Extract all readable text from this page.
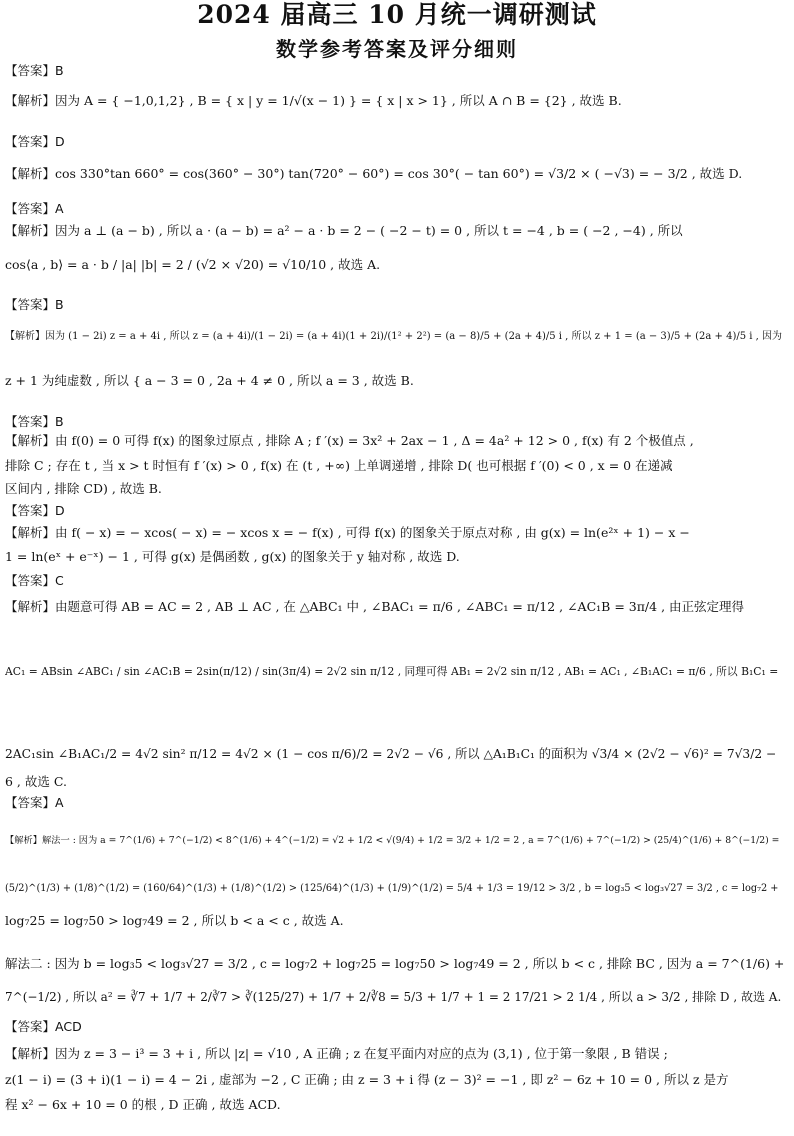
2024 届高三 10 月统一调研测试
数学参考答案及评分细则
【答案】B
【解析】因为 A = { −1,0,1,2} , B = { x | y = 1/√(x − 1) } = { x | x > 1} , 所以 A ∩ B = {2} , 故选 B.
【答案】D
【解析】cos 330°tan 660° = cos(360° − 30°) tan(720° − 60°) = cos 30°( − tan 60°) = √3/2 × ( −√3) = − 3/2 , 故选 D.
【答案】A
【解析】因为 a ⊥ (a − b) , 所以 a · (a − b) = a² − a · b = 2 − ( −2 − t) = 0 , 所以 t = −4 , b = ( −2 , −4) , 所以
cos⟨a , b⟩ = a · b / |a| |b| = 2 / (√2 × √20) = √10/10 , 故选 A.
【答案】B
【解析】因为 (1 − 2i) z = a + 4i , 所以 z = (a + 4i)/(1 − 2i) = (a + 4i)(1 + 2i)/(1² + 2²) = (a − 8)/5 + (2a + 4)/5 i , 所以 z + 1 = (a − 3)/5 + (2a + 4)/5 i , 因为
z + 1 为纯虚数 , 所以 { a − 3 = 0 , 2a + 4 ≠ 0 , 所以 a = 3 , 故选 B.
【答案】B
【解析】由 f(0) = 0 可得 f(x) 的图象过原点 , 排除 A ; f ′(x) = 3x² + 2ax − 1 , Δ = 4a² + 12 > 0 , f(x) 有 2 个极值点 ,
排除 C ; 存在 t , 当 x > t 时恒有 f ′(x) > 0 , f(x) 在 (t , +∞) 上单调递增 , 排除 D( 也可根据 f ′(0) < 0 , x = 0 在递减
区间内 , 排除 CD) , 故选 B.
【答案】D
【解析】由 f( − x) = − xcos( − x) = − xcos x = − f(x) , 可得 f(x) 的图象关于原点对称 , 由 g(x) = ln(e²ˣ + 1) − x −
1 = ln(eˣ + e⁻ˣ) − 1 , 可得 g(x) 是偶函数 , g(x) 的图象关于 y 轴对称 , 故选 D.
【答案】C
【解析】由题意可得 AB = AC = 2 , AB ⊥ AC , 在 △ABC₁ 中 , ∠BAC₁ = π/6 , ∠ABC₁ = π/12 , ∠AC₁B = 3π/4 , 由正弦定理得
AC₁ = ABsin ∠ABC₁ / sin ∠AC₁B = 2sin(π/12) / sin(3π/4) = 2√2 sin π/12 , 同理可得 AB₁ = 2√2 sin π/12 , AB₁ = AC₁ , ∠B₁AC₁ = π/6 , 所以 B₁C₁ =
2AC₁sin ∠B₁AC₁/2 = 4√2 sin² π/12 = 4√2 × (1 − cos π/6)/2 = 2√2 − √6 , 所以 △A₁B₁C₁ 的面积为 √3/4 × (2√2 − √6)² = 7√3/2 −
6 , 故选 C.
【答案】A
【解析】解法一 : 因为 a = 7^(1/6) + 7^(−1/2) < 8^(1/6) + 4^(−1/2) = √2 + 1/2 < √(9/4) + 1/2 = 3/2 + 1/2 = 2 , a = 7^(1/6) + 7^(−1/2) > (25/4)^(1/6) + 8^(−1/2) =
(5/2)^(1/3) + (1/8)^(1/2) = (160/64)^(1/3) + (1/8)^(1/2) > (125/64)^(1/3) + (1/9)^(1/2) = 5/4 + 1/3 = 19/12 > 3/2 , b = log₃5 < log₃√27 = 3/2 , c = log₇2 +
log₇25 = log₇50 > log₇49 = 2 , 所以 b < a < c , 故选 A.
解法二 : 因为 b = log₃5 < log₃√27 = 3/2 , c = log₇2 + log₇25 = log₇50 > log₇49 = 2 , 所以 b < c , 排除 BC , 因为 a = 7^(1/6) +
7^(−1/2) , 所以 a² = ∛7 + 1/7 + 2/∛7 > ∛(125/27) + 1/7 + 2/∛8 = 5/3 + 1/7 + 1 = 2 17/21 > 2 1/4 , 所以 a > 3/2 , 排除 D , 故选 A.
【答案】ACD
【解析】因为 z = 3 − i³ = 3 + i , 所以 |z| = √10 , A 正确 ; z 在复平面内对应的点为 (3,1) , 位于第一象限 , B 错误 ;
z(1 − i) = (3 + i)(1 − i) = 4 − 2i , 虚部为 −2 , C 正确 ; 由 z = 3 + i 得 (z − 3)² = −1 , 即 z² − 6z + 10 = 0 , 所以 z 是方
程 x² − 6x + 10 = 0 的根 , D 正确 , 故选 ACD.
